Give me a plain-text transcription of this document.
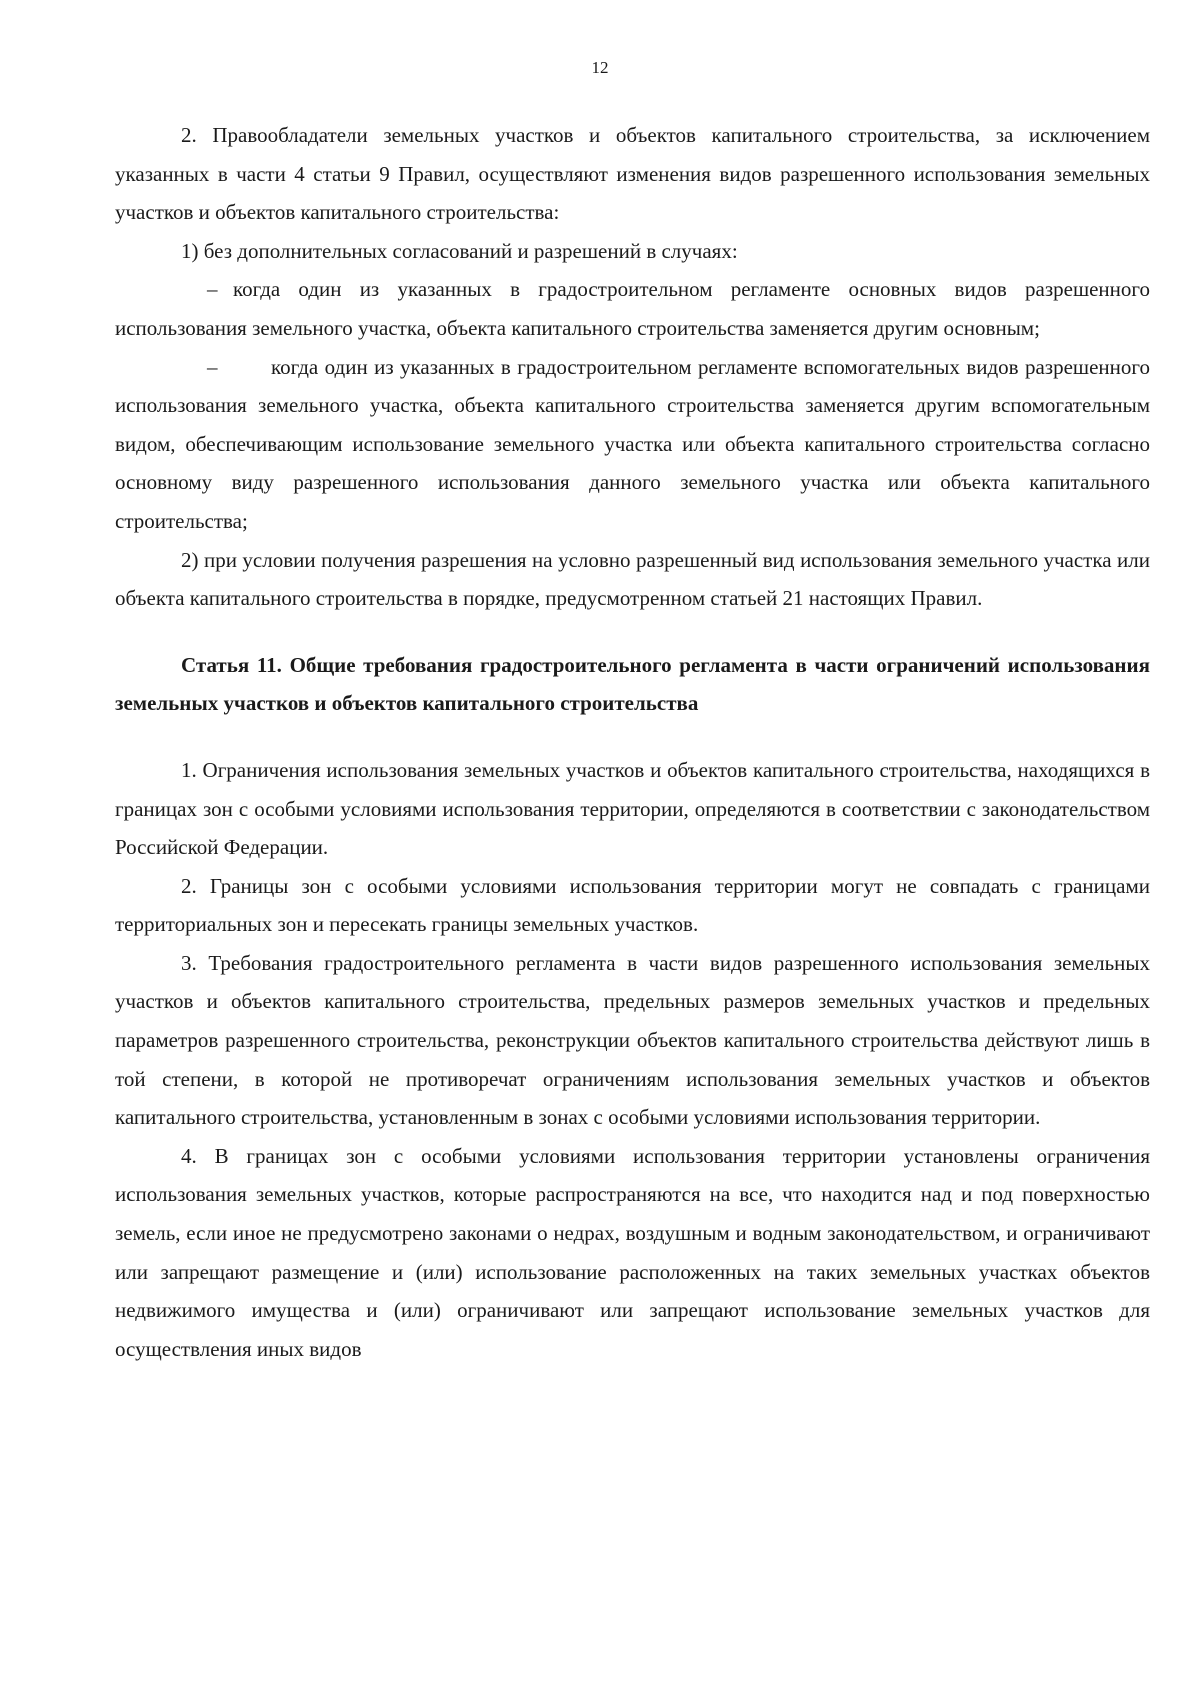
12

2. Правообладатели земельных участков и объектов капитального строительства, за исключением указанных в части 4 статьи 9 Правил, осуществляют изменения видов разрешенного использования земельных участков и объектов капитального строительства:

1) без дополнительных согласований и разрешений в случаях:

– когда один из указанных в градостроительном регламенте основных видов разрешенного использования земельного участка, объекта капитального строительства заменяется другим основным;

–	когда один из указанных в градостроительном регламенте вспомогательных видов разрешенного использования земельного участка, объекта капитального строительства заменяется другим вспомогательным видом, обеспечивающим использование земельного участка или объекта капитального строительства согласно основному виду разрешенного использования данного земельного участка или объекта капитального строительства;

2) при условии получения разрешения на условно разрешенный вид использования земельного участка или объекта капитального строительства в порядке, предусмотренном статьей 21 настоящих Правил.

Статья 11. Общие требования градостроительного регламента в части ограничений использования земельных участков и объектов капитального строительства

1. Ограничения использования земельных участков и объектов капитального строительства, находящихся в границах зон с особыми условиями использования территории, определяются в соответствии с законодательством Российской Федерации.

2. Границы зон с особыми условиями использования территории могут не совпадать с границами территориальных зон и пересекать границы земельных участков.

3. Требования градостроительного регламента в части видов разрешенного использования земельных участков и объектов капитального строительства, предельных размеров земельных участков и предельных параметров разрешенного строительства, реконструкции объектов капитального строительства действуют лишь в той степени, в которой не противоречат ограничениям использования земельных участков и объектов капитального строительства, установленным в зонах с особыми условиями использования территории.

4. В границах зон с особыми условиями использования территории установлены ограничения использования земельных участков, которые распространяются на все, что находится над и под поверхностью земель, если иное не предусмотрено законами о недрах, воздушным и водным законодательством, и ограничивают или запрещают размещение и (или) использование расположенных на таких земельных участках объектов недвижимого имущества и (или) ограничивают или запрещают использование земельных участков для осуществления иных видов
